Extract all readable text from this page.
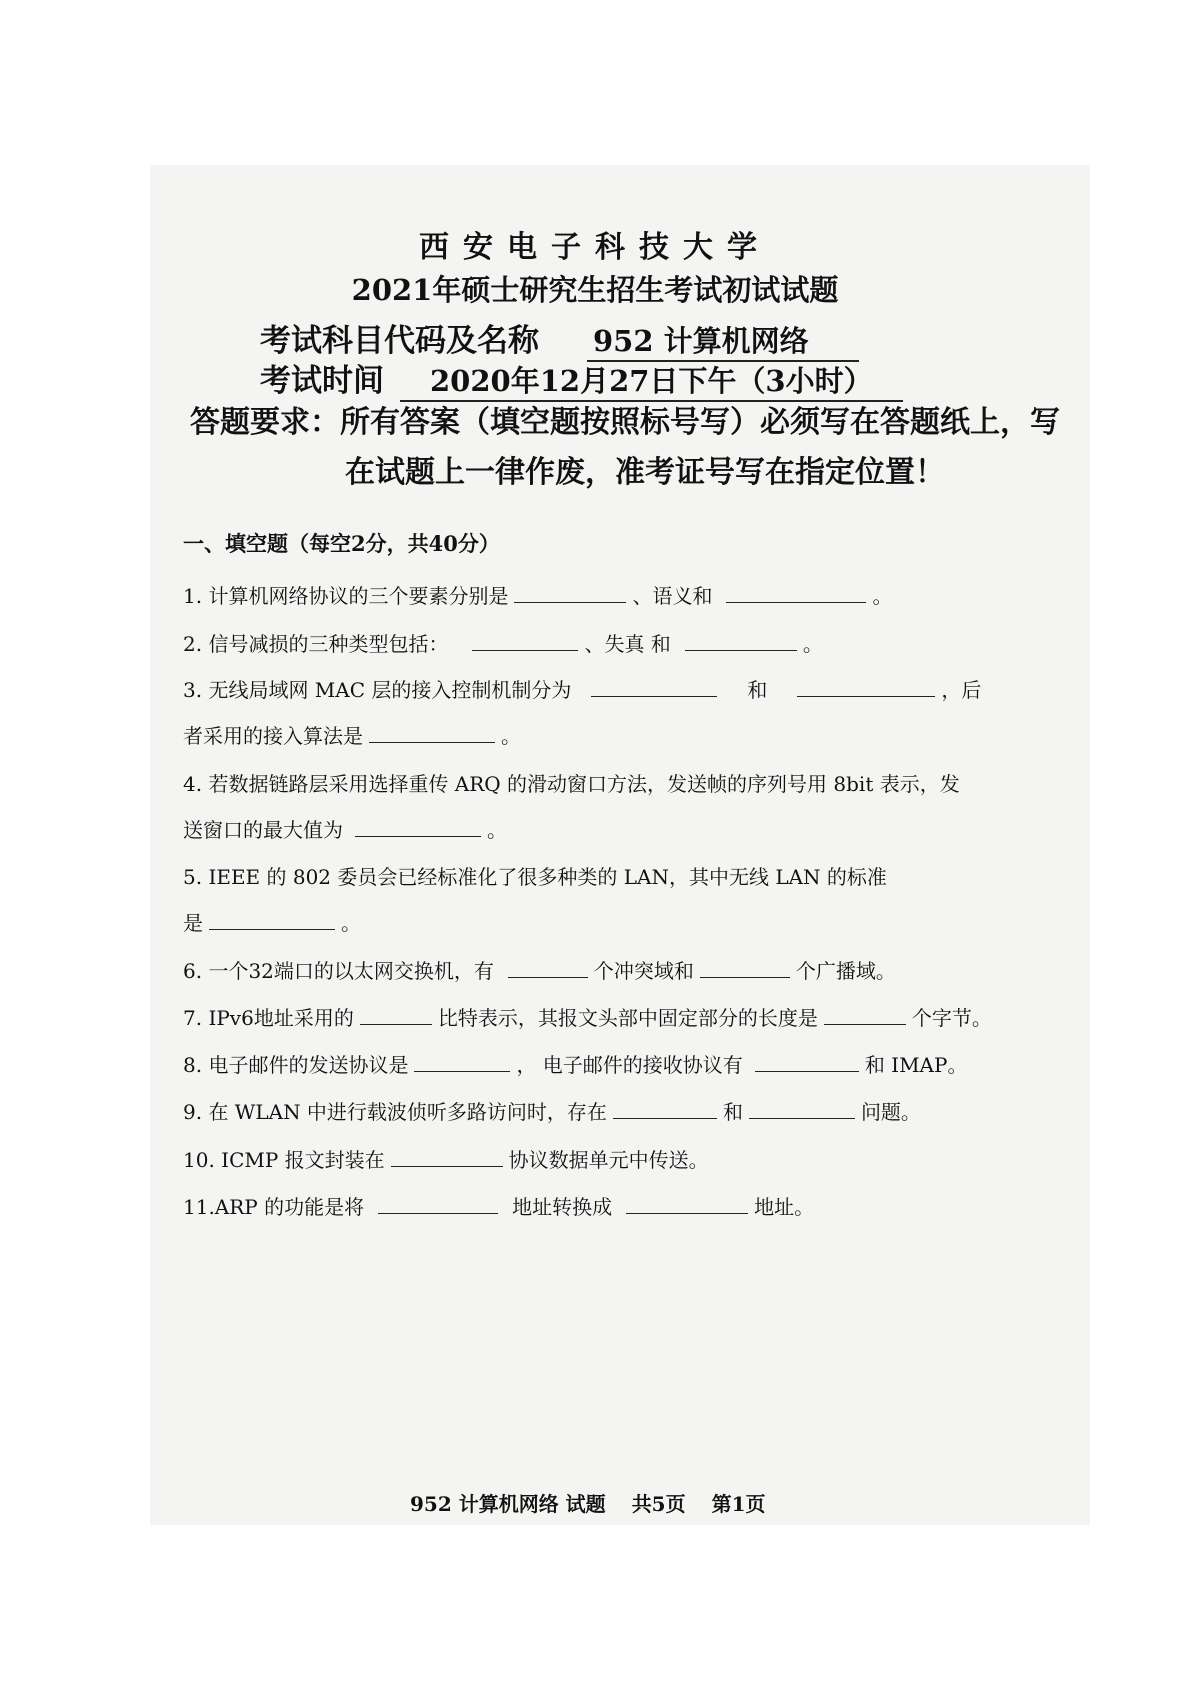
西安电子科技大学
2021年硕士研究生招生考试初试试题
考试科目代码及名称 952 计算机网络
考试时间 2020年12月27日下午（3小时）
答题要求：所有答案（填空题按照标号写）必须写在答题纸上，写
在试题上一律作废，准考证号写在指定位置！
一、填空题（每空2分，共40分）
1. 计算机网络协议的三个要素分别是	、语义和	。
2. 信号减损的三种类型包括：	、失真 和	。
3. 无线局域网 MAC 层的接入控制机制分为	和	，后
者采用的接入算法是	。
4. 若数据链路层采用选择重传 ARQ 的滑动窗口方法，发送帧的序列号用 8bit 表示，发
送窗口的最大值为	。
5. IEEE 的 802 委员会已经标准化了很多种类的 LAN，其中无线 LAN 的标准
是	。
6. 一个32端口的以太网交换机，有	个冲突域和	个广播域。
7. IPv6地址采用的	比特表示，其报文头部中固定部分的长度是	个字节。
8. 电子邮件的发送协议是	， 电子邮件的接收协议有	和 IMAP。
9. 在 WLAN 中进行载波侦听多路访问时，存在	和	问题。
10. ICMP 报文封装在	协议数据单元中传送。
11.ARP 的功能是将	地址转换成	地址。
952 计算机网络 试题 共5页 第1页
